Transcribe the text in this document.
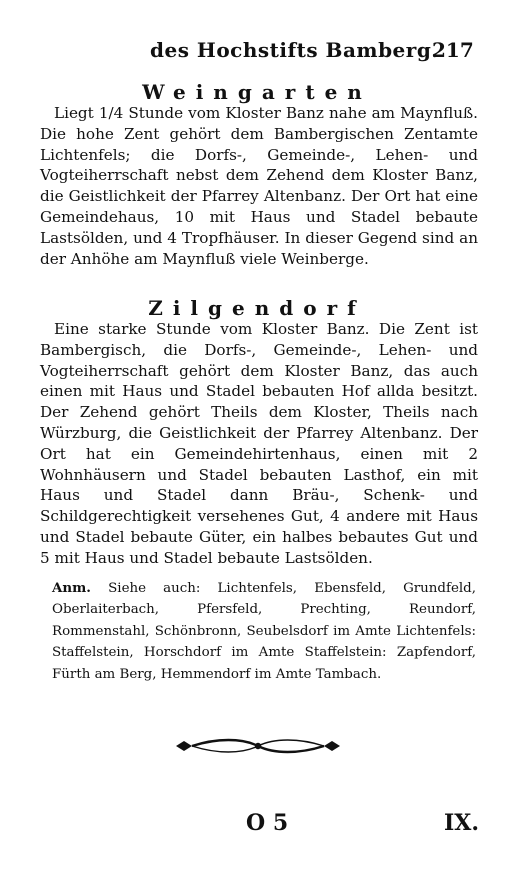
des Hochstifts Bamberg.
217
Weingarten
Liegt 1/4 Stunde vom Kloster Banz nahe am Maynfluß. Die hohe Zent gehört dem Bambergischen Zentamte Lichtenfels; die Dorfs-, Gemeinde-, Lehen- und Vogteiherrschaft nebst dem Zehend dem Kloster Banz, die Geistlichkeit der Pfarrey Altenbanz. Der Ort hat eine Gemeindehaus, 10 mit Haus und Stadel bebaute Lastsölden, und 4 Tropfhäuser. In dieser Gegend sind an der Anhöhe am Maynfluß viele Weinberge.
Zilgendorf
Eine starke Stunde vom Kloster Banz. Die Zent ist Bambergisch, die Dorfs-, Gemeinde-, Lehen- und Vogteiherrschaft gehört dem Kloster Banz, das auch einen mit Haus und Stadel bebauten Hof allda besitzt. Der Zehend gehört Theils dem Kloster, Theils nach Würzburg, die Geistlichkeit der Pfarrey Altenbanz. Der Ort hat ein Gemeindehirtenhaus, einen mit 2 Wohnhäusern und Stadel bebauten Lasthof, ein mit Haus und Stadel dann Bräu-, Schenk- und Schildgerechtigkeit versehenes Gut, 4 andere mit Haus und Stadel bebaute Güter, ein halbes bebautes Gut und 5 mit Haus und Stadel bebaute Lastsölden.
Anm. Siehe auch: Lichtenfels, Ebensfeld, Grundfeld, Oberlaiterbach, Pfersfeld, Prechting, Reundorf, Rommenstahl, Schönbronn, Seubelsdorf im Amte Lichtenfels: Staffelstein, Horschdorf im Amte Staffelstein: Zapfendorf, Fürth am Berg, Hemmendorf im Amte Tambach.
O 5	IX.
